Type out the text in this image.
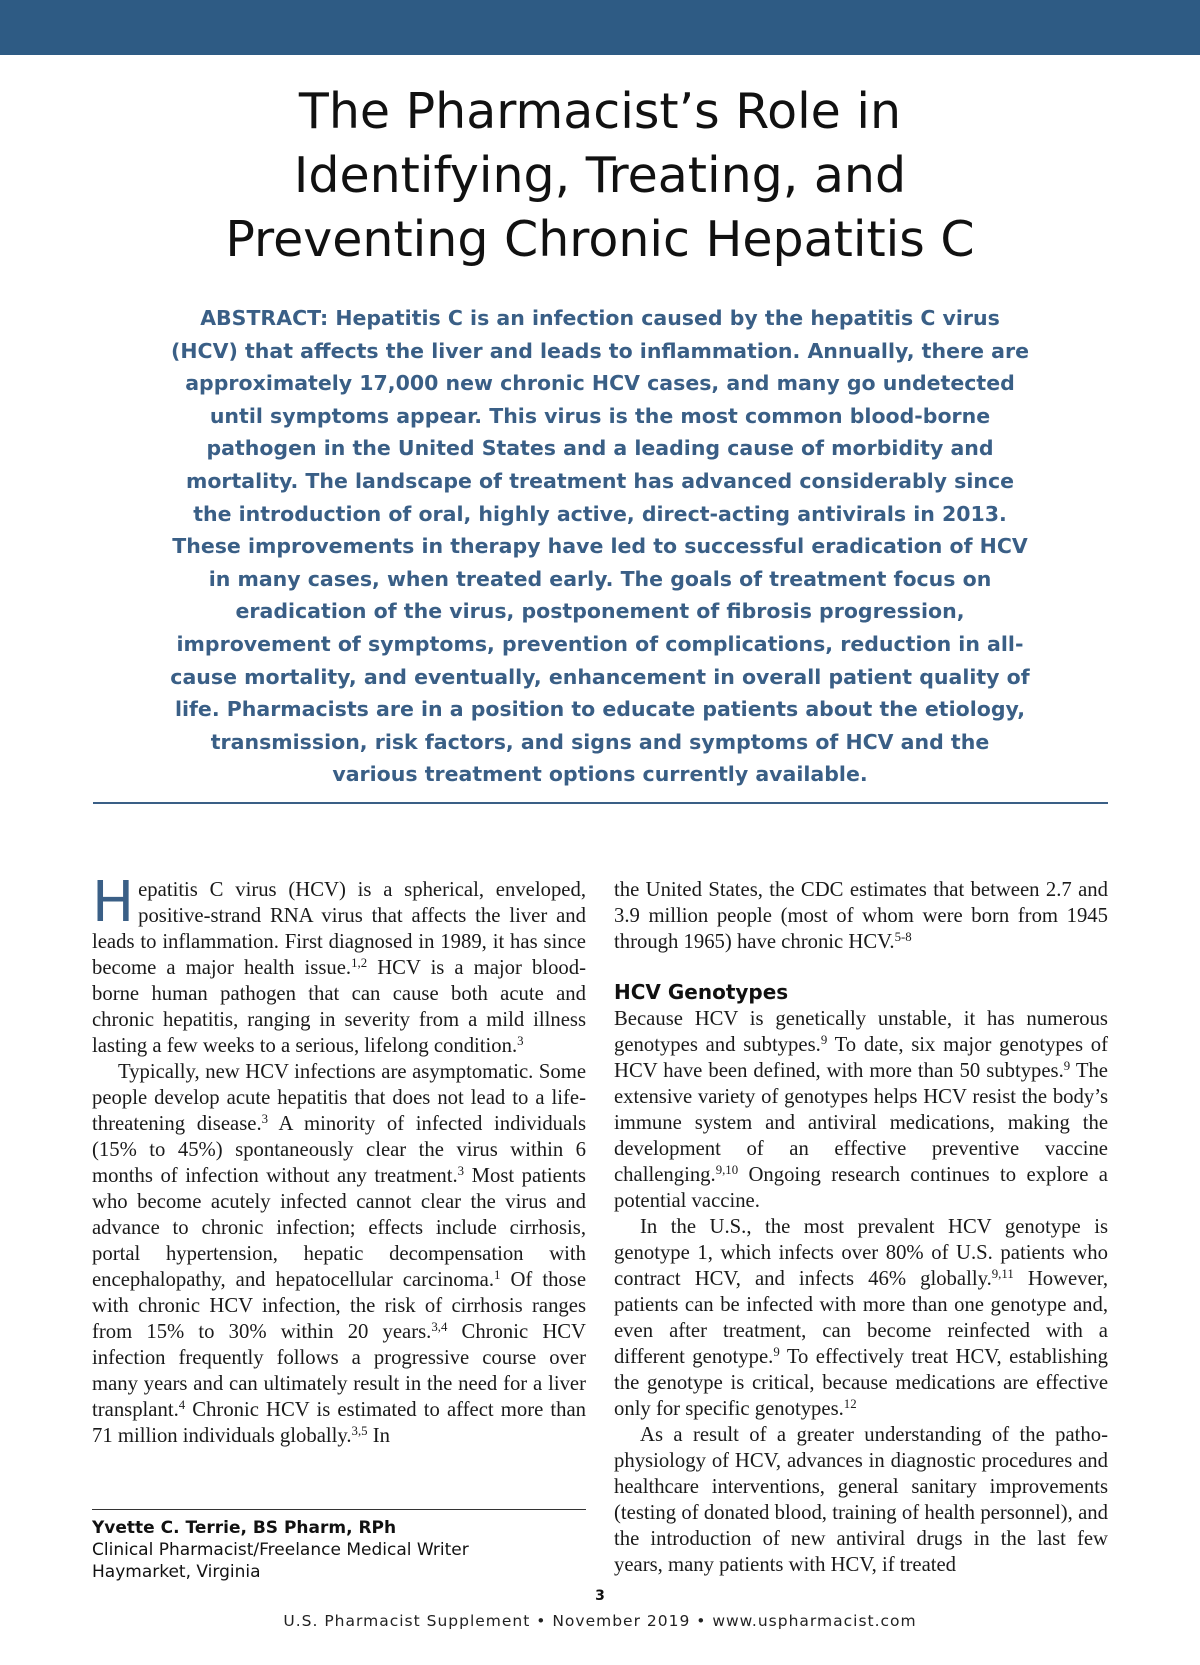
The Pharmacist’s Role in
Identifying, Treating, and
Preventing Chronic Hepatitis C
ABSTRACT: Hepatitis C is an infection caused by the hepatitis C virus (HCV) that affects the liver and leads to inflammation. Annually, there are approximately 17,000 new chronic HCV cases, and many go undetected until symptoms appear. This virus is the most common blood-borne pathogen in the United States and a leading cause of morbidity and mortality. The landscape of treatment has advanced considerably since the introduction of oral, highly active, direct-acting antivirals in 2013. These improvements in therapy have led to successful eradication of HCV in many cases, when treated early. The goals of treatment focus on eradication of the virus, postponement of fibrosis progression, improvement of symptoms, prevention of complications, reduction in all-cause mortality, and eventually, enhancement in overall patient quality of life. Pharmacists are in a position to educate patients about the etiology, transmission, risk factors, and signs and symptoms of HCV and the various treatment options currently available.

Hepatitis C virus (HCV) is a spherical, enveloped, positive-strand RNA virus that affects the liver and leads to inflammation. First diagnosed in 1989, it has since become a major health issue.$^{1,2}$ HCV is a major blood-borne human pathogen that can cause both acute and chronic hepatitis, ranging in severity from a mild illness lasting a few weeks to a serious, lifelong condition.$^3$

Typically, new HCV infections are asymptomatic. Some people develop acute hepatitis that does not lead to a life-threatening disease.$^3$ A minority of infected individuals (15% to 45%) spontaneously clear the virus within 6 months of infection without any treatment.$^3$ Most patients who become acutely infected cannot clear the virus and advance to chronic infection; effects include cirrhosis, portal hypertension, hepatic decompensation with encephalopathy, and hepatocellular carcinoma.$^1$ Of those with chronic HCV infection, the risk of cirrhosis ranges from 15% to 30% within 20 years.$^{3,4}$ Chronic HCV infection frequently follows a progressive course over many years and can ultimately result in the need for a liver transplant.$^4$ Chronic HCV is estimated to affect more than 71 million individuals globally.$^{3,5}$ In

the United States, the CDC estimates that between 2.7 and 3.9 million people (most of whom were born from 1945 through 1965) have chronic HCV.$^{5-8}$

HCV Genotypes

Because HCV is genetically unstable, it has numerous genotypes and subtypes.$^9$ To date, six major genotypes of HCV have been defined, with more than 50 subtypes.$^9$ The extensive variety of genotypes helps HCV resist the body’s immune system and antiviral medications, making the development of an effective preventive vaccine challenging.$^{9,10}$ Ongoing research continues to explore a potential vaccine.

In the U.S., the most prevalent HCV genotype is genotype 1, which infects over 80% of U.S. patients who contract HCV, and infects 46% globally.$^{9,11}$ However, patients can be infected with more than one genotype and, even after treatment, can become reinfected with a different genotype.$^9$ To effectively treat HCV, establishing the genotype is critical, because medications are effective only for specific genotypes.$^{12}$

As a result of a greater understanding of the pathophysiology of HCV, advances in diagnostic procedures and healthcare interventions, general sanitary improvements (testing of donated blood, training of health personnel), and the introduction of new antiviral drugs in the last few years, many patients with HCV, if treated

Yvette C. Terrie, BS Pharm, RPh
Clinical Pharmacist/Freelance Medical Writer
Haymarket, Virginia
3
U.S. Pharmacist Supplement • November 2019 • www.uspharmacist.com
